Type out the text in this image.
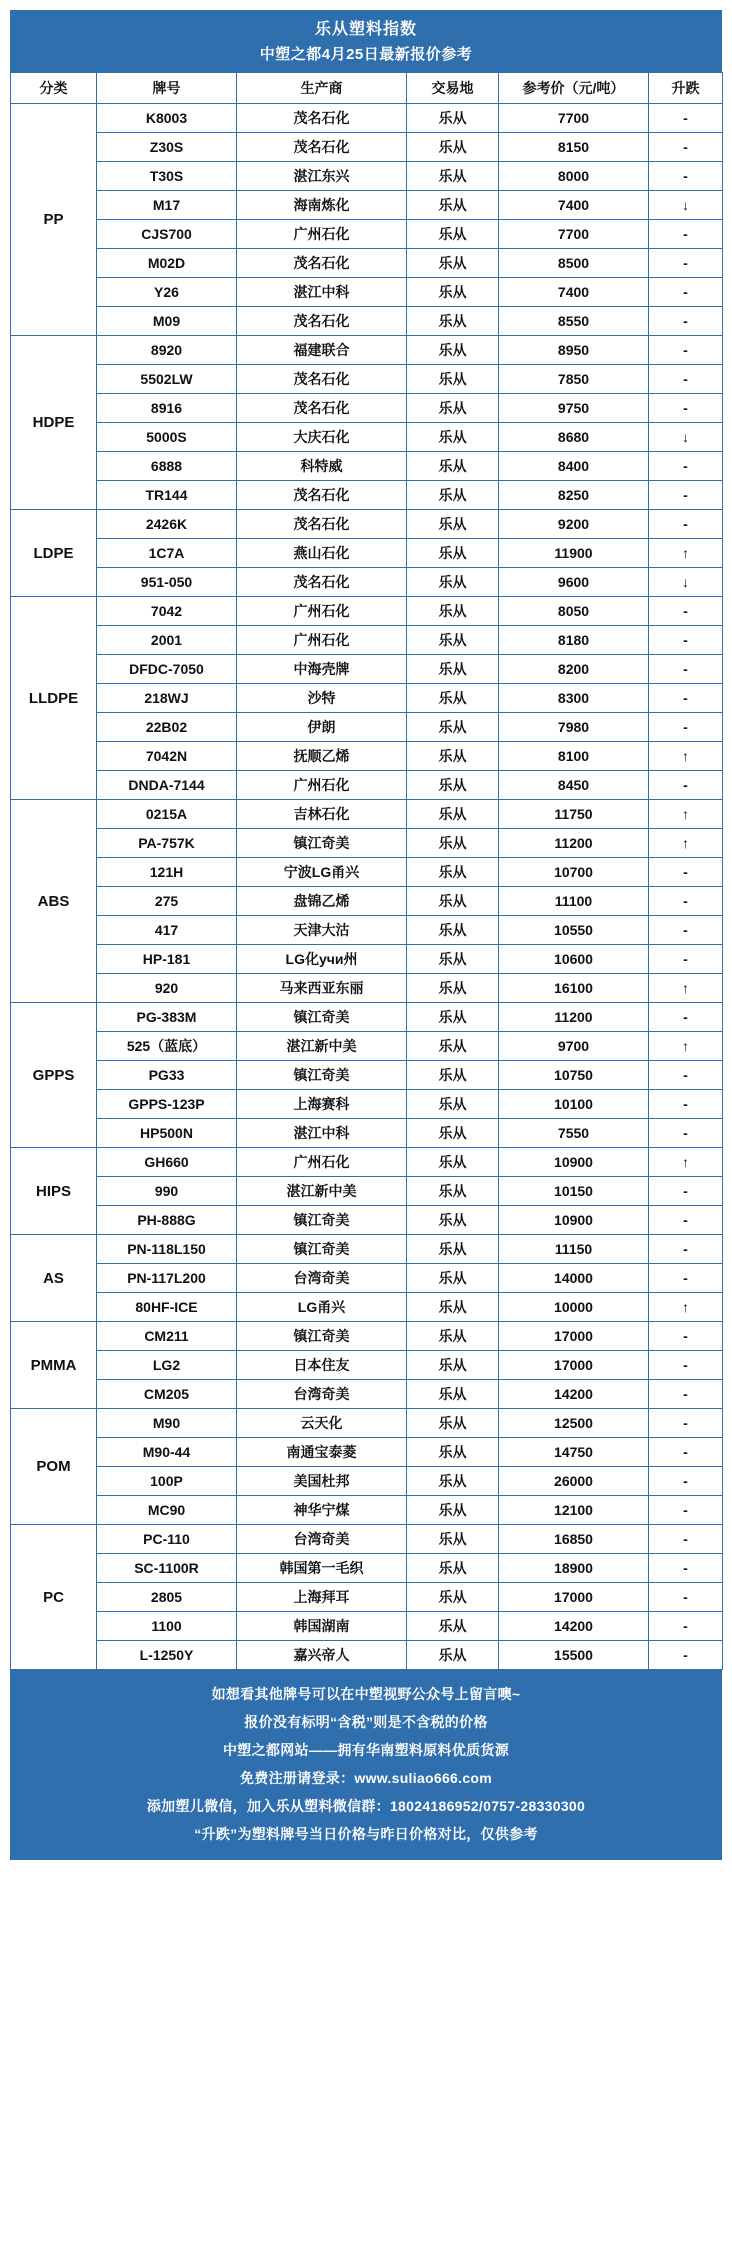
乐从塑料指数
中塑之都4月25日最新报价参考
分类	牌号	生产商	交易地	参考价（元/吨）	升跌
PP	K8003	茂名石化	乐从	7700	-
	Z30S	茂名石化	乐从	8150	-
	T30S	湛江东兴	乐从	8000	-
	M17	海南炼化	乐从	7400	↓
	CJS700	广州石化	乐从	7700	-
	M02D	茂名石化	乐从	8500	-
	Y26	湛江中科	乐从	7400	-
	M09	茂名石化	乐从	8550	-
HDPE	8920	福建联合	乐从	8950	-
	5502LW	茂名石化	乐从	7850	-
	8916	茂名石化	乐从	9750	-
	5000S	大庆石化	乐从	8680	↓
	6888	科特威	乐从	8400	-
	TR144	茂名石化	乐从	8250	-
LDPE	2426K	茂名石化	乐从	9200	-
	1C7A	燕山石化	乐从	11900	↑
	951-050	茂名石化	乐从	9600	↓
LLDPE	7042	广州石化	乐从	8050	-
	2001	广州石化	乐从	8180	-
	DFDC-7050	中海壳牌	乐从	8200	-
	218WJ	沙特	乐从	8300	-
	22B02	伊朗	乐从	7980	-
	7042N	抚顺乙烯	乐从	8100	↑
	DNDA-7144	广州石化	乐从	8450	-
ABS	0215A	吉林石化	乐从	11750	↑
	PA-757K	镇江奇美	乐从	11200	↑
	121H	宁波LG甬兴	乐从	10700	-
	275	盘锦乙烯	乐从	11100	-
	417	天津大沽	乐从	10550	-
	HP-181	LG化учи州	乐从	10600	-
	920	马来西亚东丽	乐从	16100	↑
GPPS	PG-383M	镇江奇美	乐从	11200	-
	525（蓝底）	湛江新中美	乐从	9700	↑
	PG33	镇江奇美	乐从	10750	-
	GPPS-123P	上海赛科	乐从	10100	-
	HP500N	湛江中科	乐从	7550	-
HIPS	GH660	广州石化	乐从	10900	↑
	990	湛江新中美	乐从	10150	-
	PH-888G	镇江奇美	乐从	10900	-
AS	PN-118L150	镇江奇美	乐从	11150	-
	PN-117L200	台湾奇美	乐从	14000	-
	80HF-ICE	LG甬兴	乐从	10000	↑
PMMA	CM211	镇江奇美	乐从	17000	-
	LG2	日本住友	乐从	17000	-
	CM205	台湾奇美	乐从	14200	-
POM	M90	云天化	乐从	12500	-
	M90-44	南通宝泰菱	乐从	14750	-
	100P	美国杜邦	乐从	26000	-
	MC90	神华宁煤	乐从	12100	-
PC	PC-110	台湾奇美	乐从	16850	-
	SC-1100R	韩国第一毛织	乐从	18900	-
	2805	上海拜耳	乐从	17000	-
	1100	韩国湖南	乐从	14200	-
	L-1250Y	嘉兴帝人	乐从	15500	-
如想看其他牌号可以在中塑视野公众号上留言噢~
报价没有标明“含税”则是不含税的价格
中塑之都网站——拥有华南塑料原料优质货源
免费注册请登录：www.suliao666.com
添加塑儿微信，加入乐从塑料微信群：18024186952/0757-28330300
“升跌”为塑料牌号当日价格与昨日价格对比，仅供参考
